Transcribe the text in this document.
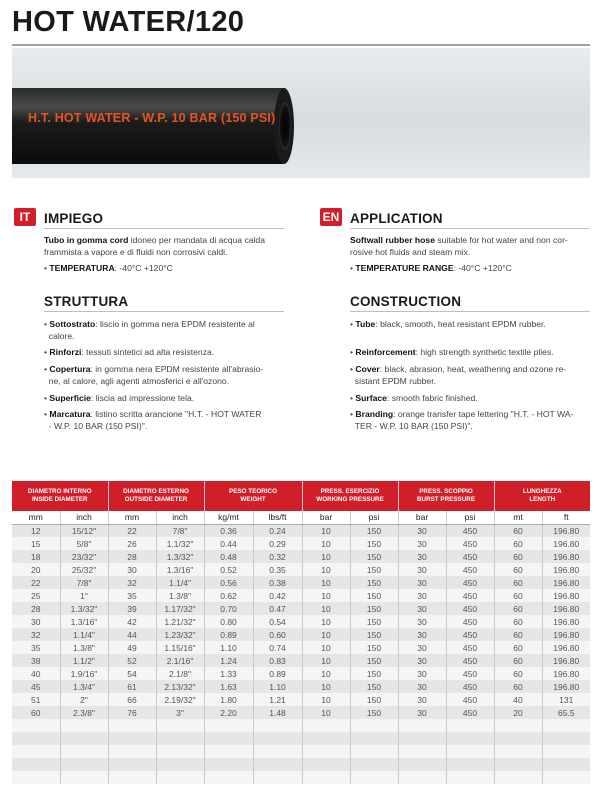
HOT WATER/120
H.T. HOT WATER - W.P. 10 BAR (150 PSI)
IT	IMPIEGO
Tubo in gomma cord idoneo per mandata di acqua calda
frammista a vapore e di fluidi non corrosivi caldi.
• TEMPERATURA: -40°C +120°C
STRUTTURA
• Sottostrato: liscio in gomma nera EPDM resistente al
calore.
• Rinforzi: tessuti sintetici ad alta resistenza.
• Copertura: in gomma nera EPDM resistente all'abrasio-
ne, al calore, agli agenti atmosferici e all'ozono.
• Superficie: liscia ad impressione tela.
• Marcatura: listino scritta arancione "H.T. - HOT WATER
- W.P. 10 BAR (150 PSI)".
EN APPLICATION
Softwall rubber hose suitable for hot water and non cor-
rosive hot fluids and steam mix.
• TEMPERATURE RANGE: -40°C +120°C
CONSTRUCTION
• Tube: black, smooth, heat resistant EPDM rubber.
• Reinforcement: high strength synthetic textile plies.
• Cover: black, abrasion, heat, weathering and ozone re-
sistant EPDM rubber.
• Surface: smooth fabric finished.
• Branding: orange transfer tape lettering "H.T. - HOT WA-
TER - W.P. 10 BAR (150 PSI)".
DIAMETRO INTERNO
INSIDE DIAMETER		DIAMETRO ESTERNO
OUTSIDE DIAMETER		PESO TEORICO
WEIGHT		PRESS. ESERCIZIO
WORKING PRESSURE		PRESS. SCOPPIO
BURST PRESSURE		LUNGHEZZA
LENGTH	
mm	inch	mm	inch	kg/mt	lbs/ft	bar	psi	bar	psi	mt	ft
12	15/12"	22	7/8"	0.36	0.24	10	150	30	450	60	196.80
15	5/8"	26	1.1/32"	0.44	0.29	10	150	30	450	60	196.80
18	23/32"	28	1.3/32"	0.48	0.32	10	150	30	450	60	196.80
20	25/32"	30	1.3/16"	0.52	0.35	10	150	30	450	60	196.80
22	7/8"	32	1.1/4"	0.56	0.38	10	150	30	450	60	196.80
25	1"	35	1.3/8"	0.62	0.42	10	150	30	450	60	196.80
28	1.3/32"	39	1.17/32"	0.70	0.47	10	150	30	450	60	196.80
30	1.3/16"	42	1.21/32"	0.80	0.54	10	150	30	450	60	196.80
32	1.1/4"	44	1.23/32"	0.89	0.60	10	150	30	450	60	196.80
35	1.3/8"	49	1.15/16"	1.10	0.74	10	150	30	450	60	196.80
38	1.1/2"	52	2.1/16"	1.24	0.83	10	150	30	450	60	196.80
40	1.9/16"	54	2.1/8"	1.33	0.89	10	150	30	450	60	196.80
45	1.3/4"	61	2.13/32"	1.63	1.10	10	150	30	450	60	196.80
51	2"	66	2.19/32"	1.80	1.21	10	150	30	450	40	131
60	2.3/8"	76	3"	2.20	1.48	10	150	30	450	20	65.5
